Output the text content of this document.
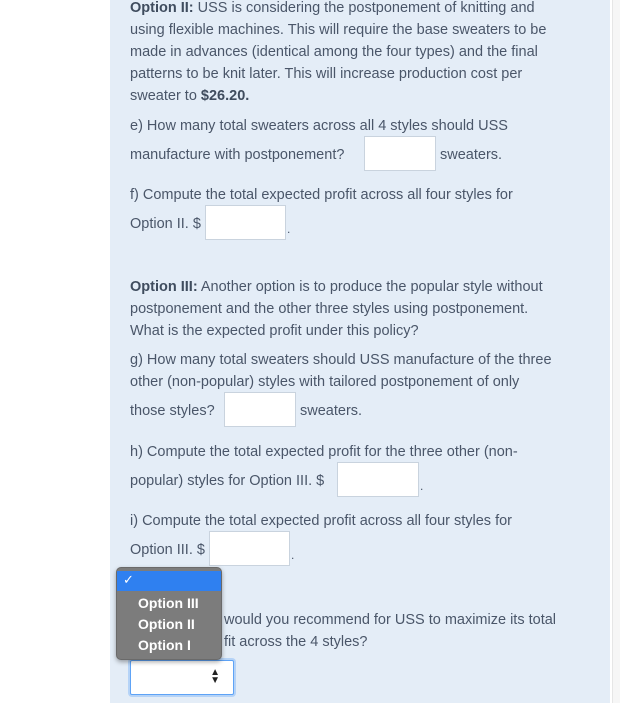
Option II: USS is considering the postponement of knitting and
using flexible machines. This will require the base sweaters to be
made in advances (identical among the four types) and the final
patterns to be knit later. This will increase production cost per
sweater to $26.20.

e) How many total sweaters across all 4 styles should USS
manufacture with postponement?	sweaters.
f) Compute the total expected profit across all four styles for
Option II. $	.

Option III: Another option is to produce the popular style without
postponement and the other three styles using postponement.
What is the expected profit under this policy?

g) How many total sweaters should USS manufacture of the three
other (non-popular) styles with tailored postponement of only

those styles?	sweaters.
h) Compute the total expected profit for the three other (non-
popular) styles for Option III. $	.
i) Compute the total expected profit across all four styles for
Option III. $	.
would you recommend for USS to maximize its total
fit across the 4 styles?
▲
▼
✓
Option III
Option II
Option I
